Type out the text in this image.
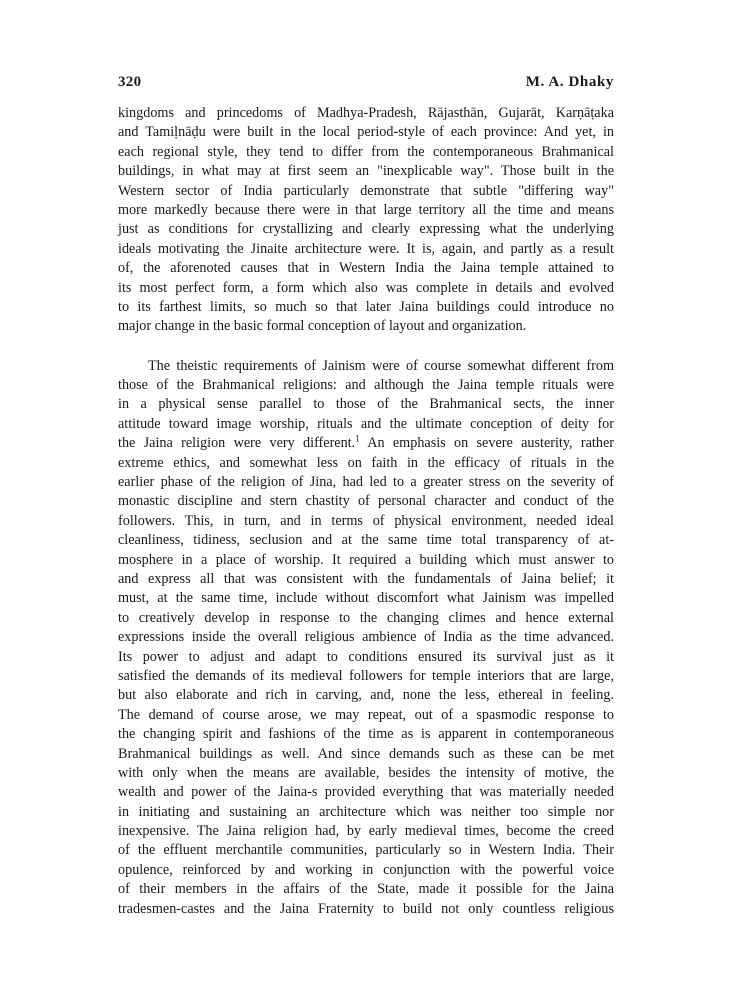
320	M. A. Dhaky

kingdoms and princedoms of Madhya-Pradesh, Rājasthān, Gujarāt, Karṇāṭaka
and Tamiḷnāḍu were built in the local period-style of each province: And yet, in
each regional style, they tend to differ from the contemporaneous Brahmanical
buildings, in what may at first seem an "inexplicable way". Those built in the
Western sector of India particularly demonstrate that subtle "differing way"
more markedly because there were in that large territory all the time and means
just as conditions for crystallizing and clearly expressing what the underlying
ideals motivating the Jinaite architecture were. It is, again, and partly as a result
of, the aforenoted causes that in Western India the Jaina temple attained to
its most perfect form, a form which also was complete in details and evolved
to its farthest limits, so much so that later Jaina buildings could introduce no
major change in the basic formal conception of layout and organization.

The theistic requirements of Jainism were of course somewhat different from
those of the Brahmanical religions: and although the Jaina temple rituals were
in a physical sense parallel to those of the Brahmanical sects, the inner
attitude toward image worship, rituals and the ultimate conception of deity for
the Jaina religion were very different.$^1$ An emphasis on severe austerity, rather
extreme ethics, and somewhat less on faith in the efficacy of rituals in the
earlier phase of the religion of Jina, had led to a greater stress on the severity of
monastic discipline and stern chastity of personal character and conduct of the
followers. This, in turn, and in terms of physical environment, needed ideal
cleanliness, tidiness, seclusion and at the same time total transparency of at-
mosphere in a place of worship. It required a building which must answer to
and express all that was consistent with the fundamentals of Jaina belief; it
must, at the same time, include without discomfort what Jainism was impelled
to creatively develop in response to the changing climes and hence external
expressions inside the overall religious ambience of India as the time advanced.
Its power to adjust and adapt to conditions ensured its survival just as it
satisfied the demands of its medieval followers for temple interiors that are large,
but also elaborate and rich in carving, and, none the less, ethereal in feeling.
The demand of course arose, we may repeat, out of a spasmodic response to
the changing spirit and fashions of the time as is apparent in contemporaneous
Brahmanical buildings as well. And since demands such as these can be met
with only when the means are available, besides the intensity of motive, the
wealth and power of the Jaina-s provided everything that was materially needed
in initiating and sustaining an architecture which was neither too simple nor
inexpensive. The Jaina religion had, by early medieval times, become the creed
of the effluent merchantile communities, particularly so in Western India. Their
opulence, reinforced by and working in conjunction with the powerful voice
of their members in the affairs of the State, made it possible for the Jaina
tradesmen-castes and the Jaina Fraternity to build not only countless religious
